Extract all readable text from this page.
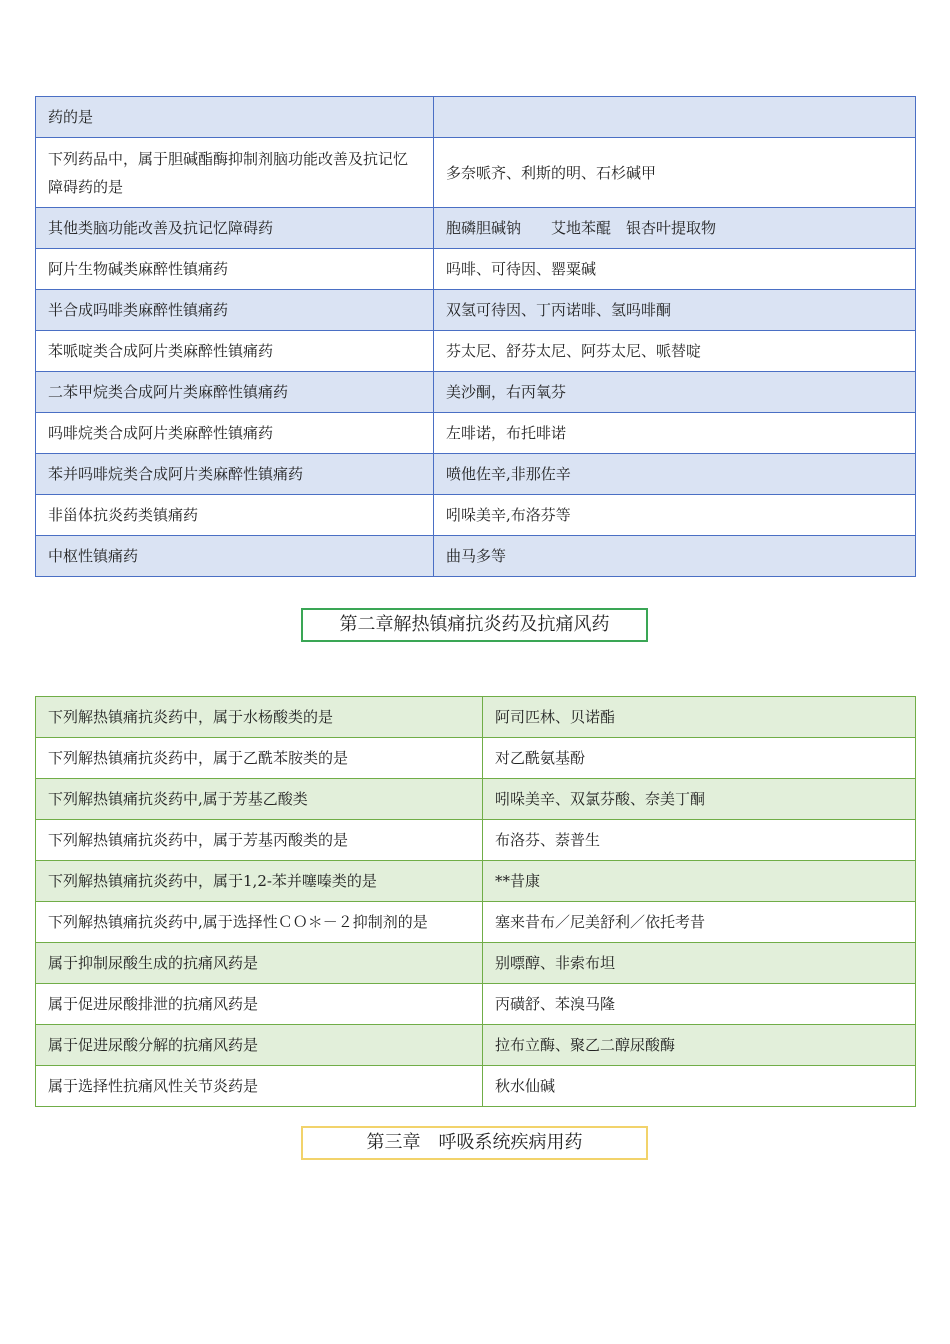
药的是	
下列药品中，属于胆碱酯酶抑制剂脑功能改善及抗记忆障碍药的是	多奈哌齐、利斯的明、石杉碱甲
其他类脑功能改善及抗记忆障碍药	胞磷胆碱钠　　艾地苯醌　银杏叶提取物
阿片生物碱类麻醉性镇痛药	吗啡、可待因、罂粟碱
半合成吗啡类麻醉性镇痛药	双氢可待因、丁丙诺啡、氢吗啡酮
苯哌啶类合成阿片类麻醉性镇痛药	芬太尼、舒芬太尼、阿芬太尼、哌替啶
二苯甲烷类合成阿片类麻醉性镇痛药	美沙酮，右丙氧芬
吗啡烷类合成阿片类麻醉性镇痛药	左啡诺，布托啡诺
苯并吗啡烷类合成阿片类麻醉性镇痛药	喷他佐辛,非那佐辛
非甾体抗炎药类镇痛药	吲哚美辛,布洛芬等
中枢性镇痛药	曲马多等
第二章解热镇痛抗炎药及抗痛风药
下列解热镇痛抗炎药中，属于水杨酸类的是	阿司匹林、贝诺酯
下列解热镇痛抗炎药中，属于乙酰苯胺类的是	对乙酰氨基酚
下列解热镇痛抗炎药中,属于芳基乙酸类	吲哚美辛、双氯芬酸、奈美丁酮
下列解热镇痛抗炎药中，属于芳基丙酸类的是	布洛芬、萘普生
下列解热镇痛抗炎药中，属于1,2-苯并噻嗪类的是	**昔康
下列解热镇痛抗炎药中,属于选择性ＣＯ＊－２抑制剂的是	塞来昔布／尼美舒利／依托考昔
属于抑制尿酸生成的抗痛风药是	别嘌醇、非索布坦
属于促进尿酸排泄的抗痛风药是	丙磺舒、苯溴马隆
属于促进尿酸分解的抗痛风药是	拉布立酶、聚乙二醇尿酸酶
属于选择性抗痛风性关节炎药是	秋水仙碱
第三章　呼吸系统疾病用药
